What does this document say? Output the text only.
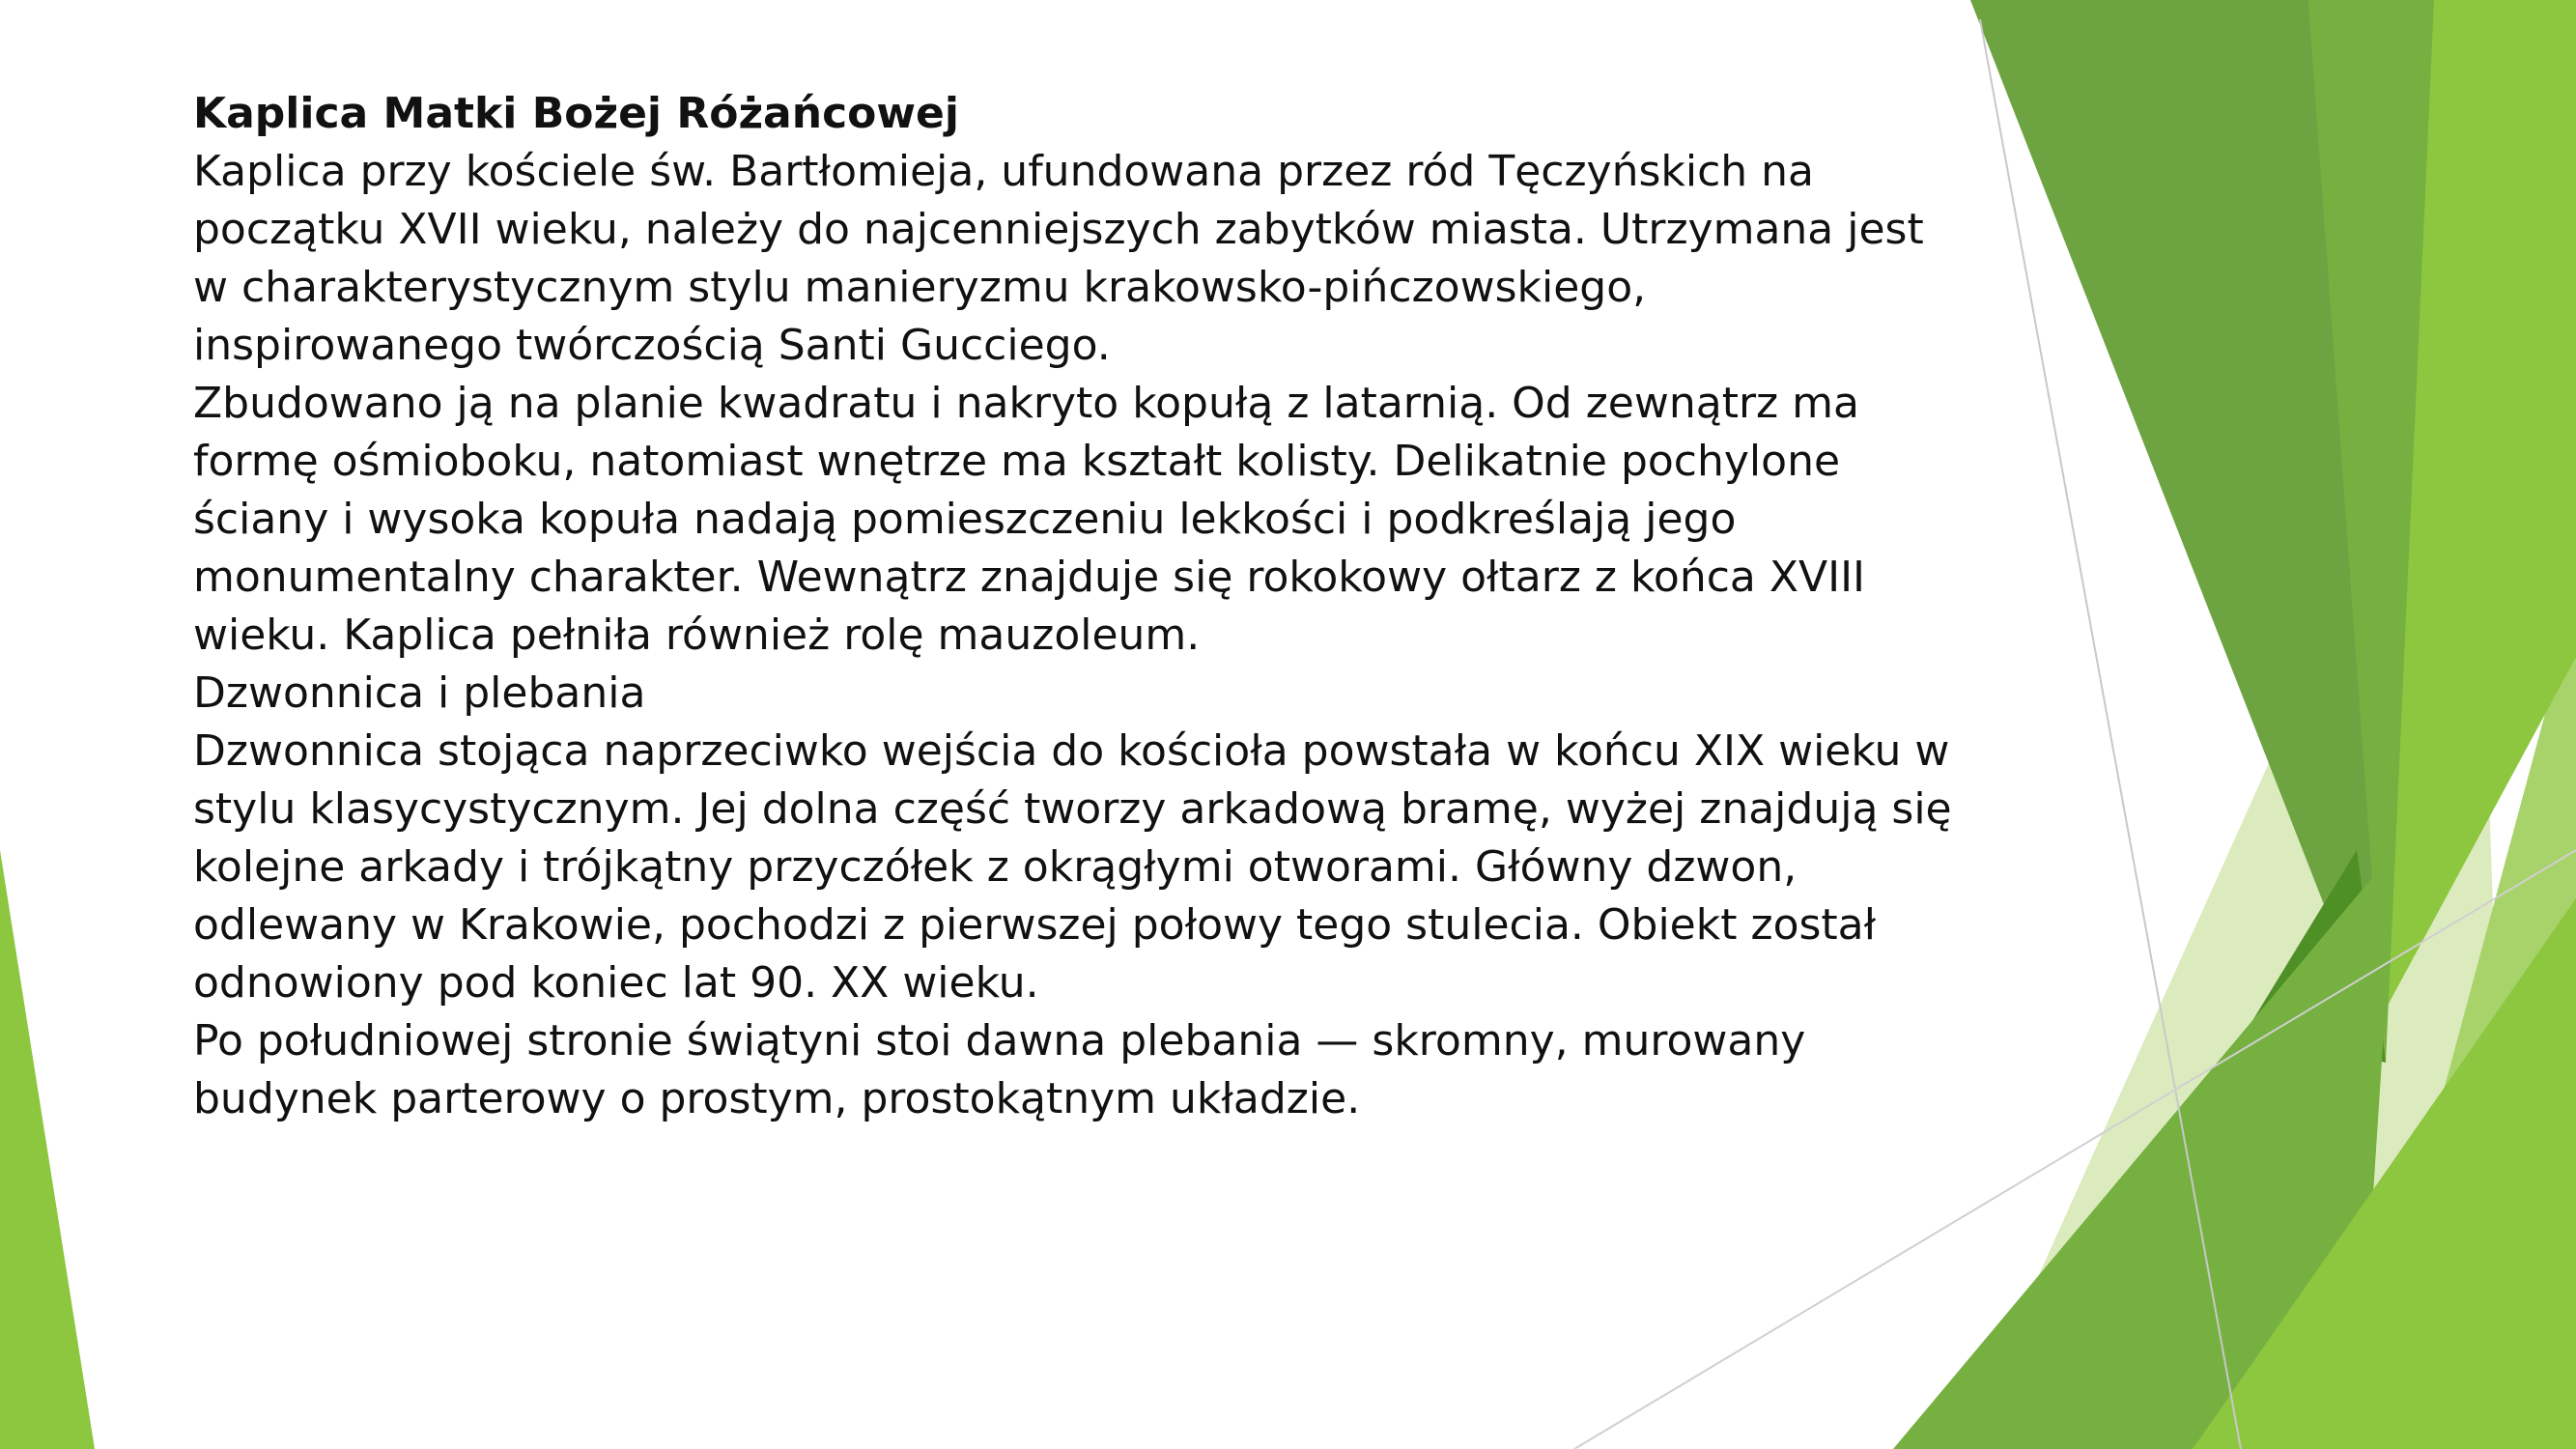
Kaplica Matki Bożej Różańcowej

Kaplica przy kościele św. Bartłomieja, ufundowana przez ród Tęczyńskich na początku XVII wieku, należy do najcenniejszych zabytków miasta. Utrzymana jest w charakterystycznym stylu manieryzmu krakowsko-pińczowskiego, inspirowanego twórczością Santi Gucciego.

Zbudowano ją na planie kwadratu i nakryto kopułą z latarnią. Od zewnątrz ma formę ośmioboku, natomiast wnętrze ma kształt kolisty. Delikatnie pochylone ściany i wysoka kopuła nadają pomieszczeniu lekkości i podkreślają jego monumentalny charakter. Wewnątrz znajduje się rokokowy ołtarz z końca XVIII wieku. Kaplica pełniła również rolę mauzoleum.

Dzwonnica i plebania

Dzwonnica stojąca naprzeciwko wejścia do kościoła powstała w końcu XIX wieku w stylu klasycystycznym. Jej dolna część tworzy arkadową bramę, wyżej znajdują się kolejne arkady i trójkątny przyczółek z okrągłymi otworami. Główny dzwon, odlewany w Krakowie, pochodzi z pierwszej połowy tego stulecia. Obiekt został odnowiony pod koniec lat 90. XX wieku.

Po południowej stronie świątyni stoi dawna plebania — skromny, murowany budynek parterowy o prostym, prostokątnym układzie.
